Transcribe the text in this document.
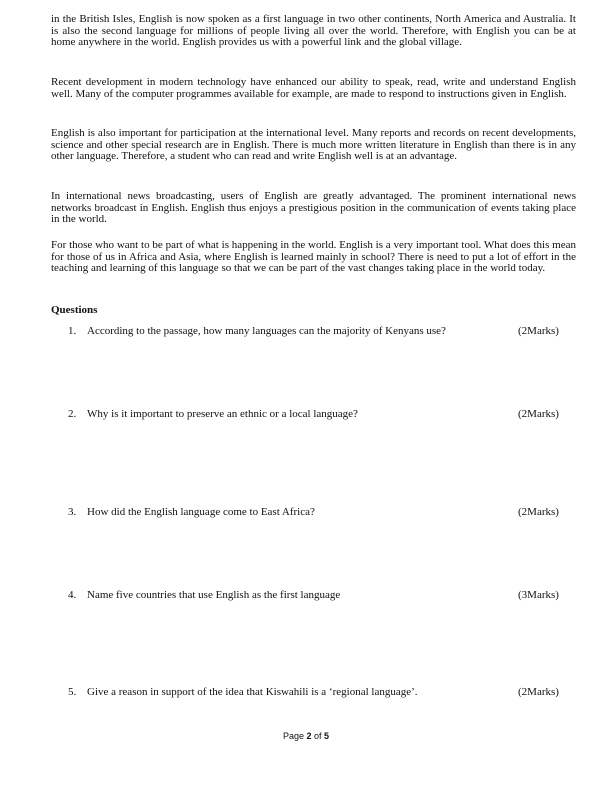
in the British Isles, English is now spoken as a first language in two other continents, North America and Australia. It is also the second language for millions of people living all over the world. Therefore, with English you can be at home anywhere in the world. English provides us with a powerful link and the global village.

Recent development in modern technology have enhanced our ability to speak, read, write and understand English well. Many of the computer programmes available for example, are made to respond to instructions given in English.

English is also important for participation at the international level. Many reports and records on recent developments, science and other special research are in English. There is much more written literature in English than there is in any other language. Therefore, a student who can read and write English well is at an advantage.

In international news broadcasting, users of English are greatly advantaged. The prominent international news networks broadcast in English. English thus enjoys a prestigious position in the communication of events taking place in the world.

For those who want to be part of what is happening in the world. English is a very important tool. What does this mean for those of us in Africa and Asia, where English is learned mainly in school? There is need to put a lot of effort in the teaching and learning of this language so that we can be part of the vast changes taking place in the world today.

Questions
1. According to the passage, how many languages can the majority of Kenyans use?	(2Marks)
2. Why is it important to preserve an ethnic or a local language?	(2Marks)
3. How did the English language come to East Africa?	(2Marks)
4. Name five countries that use English as the first language	(3Marks)
5. Give a reason in support of the idea that Kiswahili is a ‘regional language’.	(2Marks)
Page 2 of 5
